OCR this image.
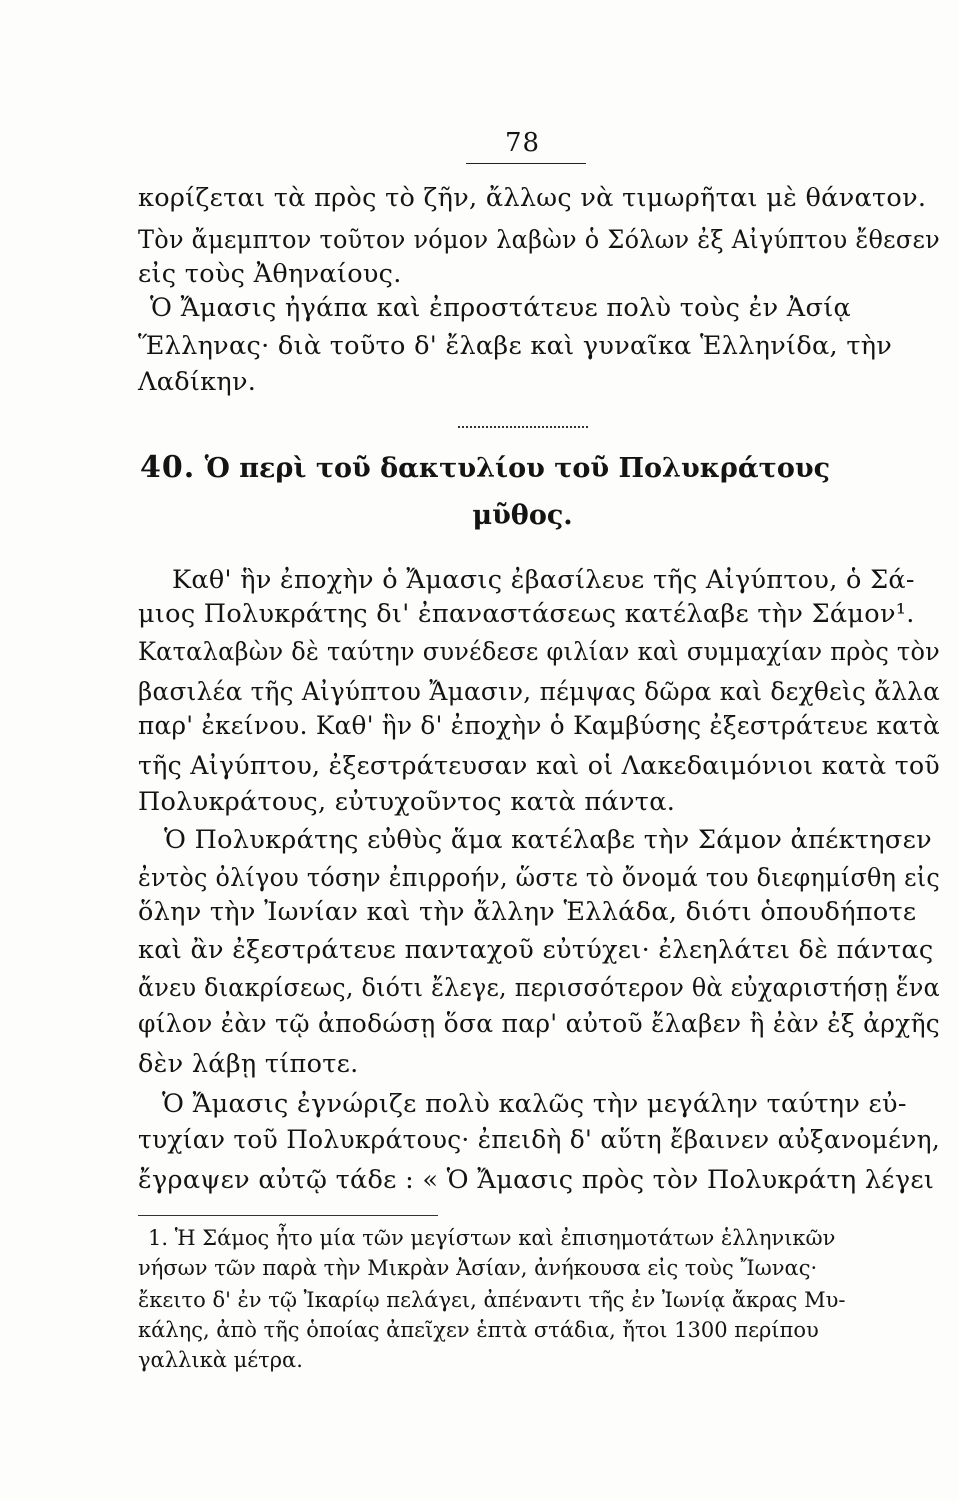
78
κορίζεται τὰ πρὸς τὸ ζῆν, ἄλλως νὰ τιμωρῆται μὲ θάνατον.
Τὸν ἄμεμπτον τοῦτον νόμον λαβὼν ὁ Σόλων ἐξ Αἰγύπτου ἔθεσεν
εἰς τοὺς Ἀθηναίους.
Ὁ Ἄμασις ἠγάπα καὶ ἐπροστάτευε πολὺ τοὺς ἐν Ἀσίᾳ
Ἕλληνας· διὰ τοῦτο δ' ἔλαβε καὶ γυναῖκα Ἑλληνίδα, τὴν
Λαδίκην.
40. Ὁ περὶ τοῦ δακτυλίου τοῦ Πολυκράτους
μῦθος.
Καθ' ἣν ἐποχὴν ὁ Ἄμασις ἐβασίλευε τῆς Αἰγύπτου, ὁ Σά-
μιος Πολυκράτης δι' ἐπαναστάσεως κατέλαβε τὴν Σάμον¹.
Καταλαβὼν δὲ ταύτην συνέδεσε φιλίαν καὶ συμμαχίαν πρὸς τὸν
βασιλέα τῆς Αἰγύπτου Ἄμασιν, πέμψας δῶρα καὶ δεχθεὶς ἄλλα
παρ' ἐκείνου. Καθ' ἣν δ' ἐποχὴν ὁ Καμβύσης ἐξεστράτευε κατὰ
τῆς Αἰγύπτου, ἐξεστράτευσαν καὶ οἱ Λακεδαιμόνιοι κατὰ τοῦ
Πολυκράτους, εὐτυχοῦντος κατὰ πάντα.
Ὁ Πολυκράτης εὐθὺς ἅμα κατέλαβε τὴν Σάμον ἀπέκτησεν
ἐντὸς ὀλίγου τόσην ἐπιρροήν, ὥστε τὸ ὄνομά του διεφημίσθη εἰς
ὅλην τὴν Ἰωνίαν καὶ τὴν ἄλλην Ἑλλάδα, διότι ὁπουδήποτε
καὶ ἂν ἐξεστράτευε πανταχοῦ εὐτύχει· ἐλεηλάτει δὲ πάντας
ἄνευ διακρίσεως, διότι ἔλεγε, περισσότερον θὰ εὐχαριστήσῃ ἕνα
φίλον ἐὰν τῷ ἀποδώσῃ ὅσα παρ' αὐτοῦ ἔλαβεν ἢ ἐὰν ἐξ ἀρχῆς
δὲν λάβῃ τίποτε.
Ὁ Ἄμασις ἐγνώριζε πολὺ καλῶς τὴν μεγάλην ταύτην εὐ-
τυχίαν τοῦ Πολυκράτους· ἐπειδὴ δ' αὕτη ἔβαινεν αὐξανομένη,
ἔγραψεν αὐτῷ τάδε : « Ὁ Ἄμασις πρὸς τὸν Πολυκράτη λέγει
1. Ἡ Σάμος ἦτο μία τῶν μεγίστων καὶ ἐπισημοτάτων ἑλληνικῶν
νήσων τῶν παρὰ τὴν Μικρὰν Ἀσίαν, ἀνήκουσα εἰς τοὺς Ἴωνας·
ἔκειτο δ' ἐν τῷ Ἰκαρίῳ πελάγει, ἀπέναντι τῆς ἐν Ἰωνίᾳ ἄκρας Μυ-
κάλης, ἀπὸ τῆς ὁποίας ἀπεῖχεν ἑπτὰ στάδια, ἤτοι 1300 περίπου
γαλλικὰ μέτρα.
